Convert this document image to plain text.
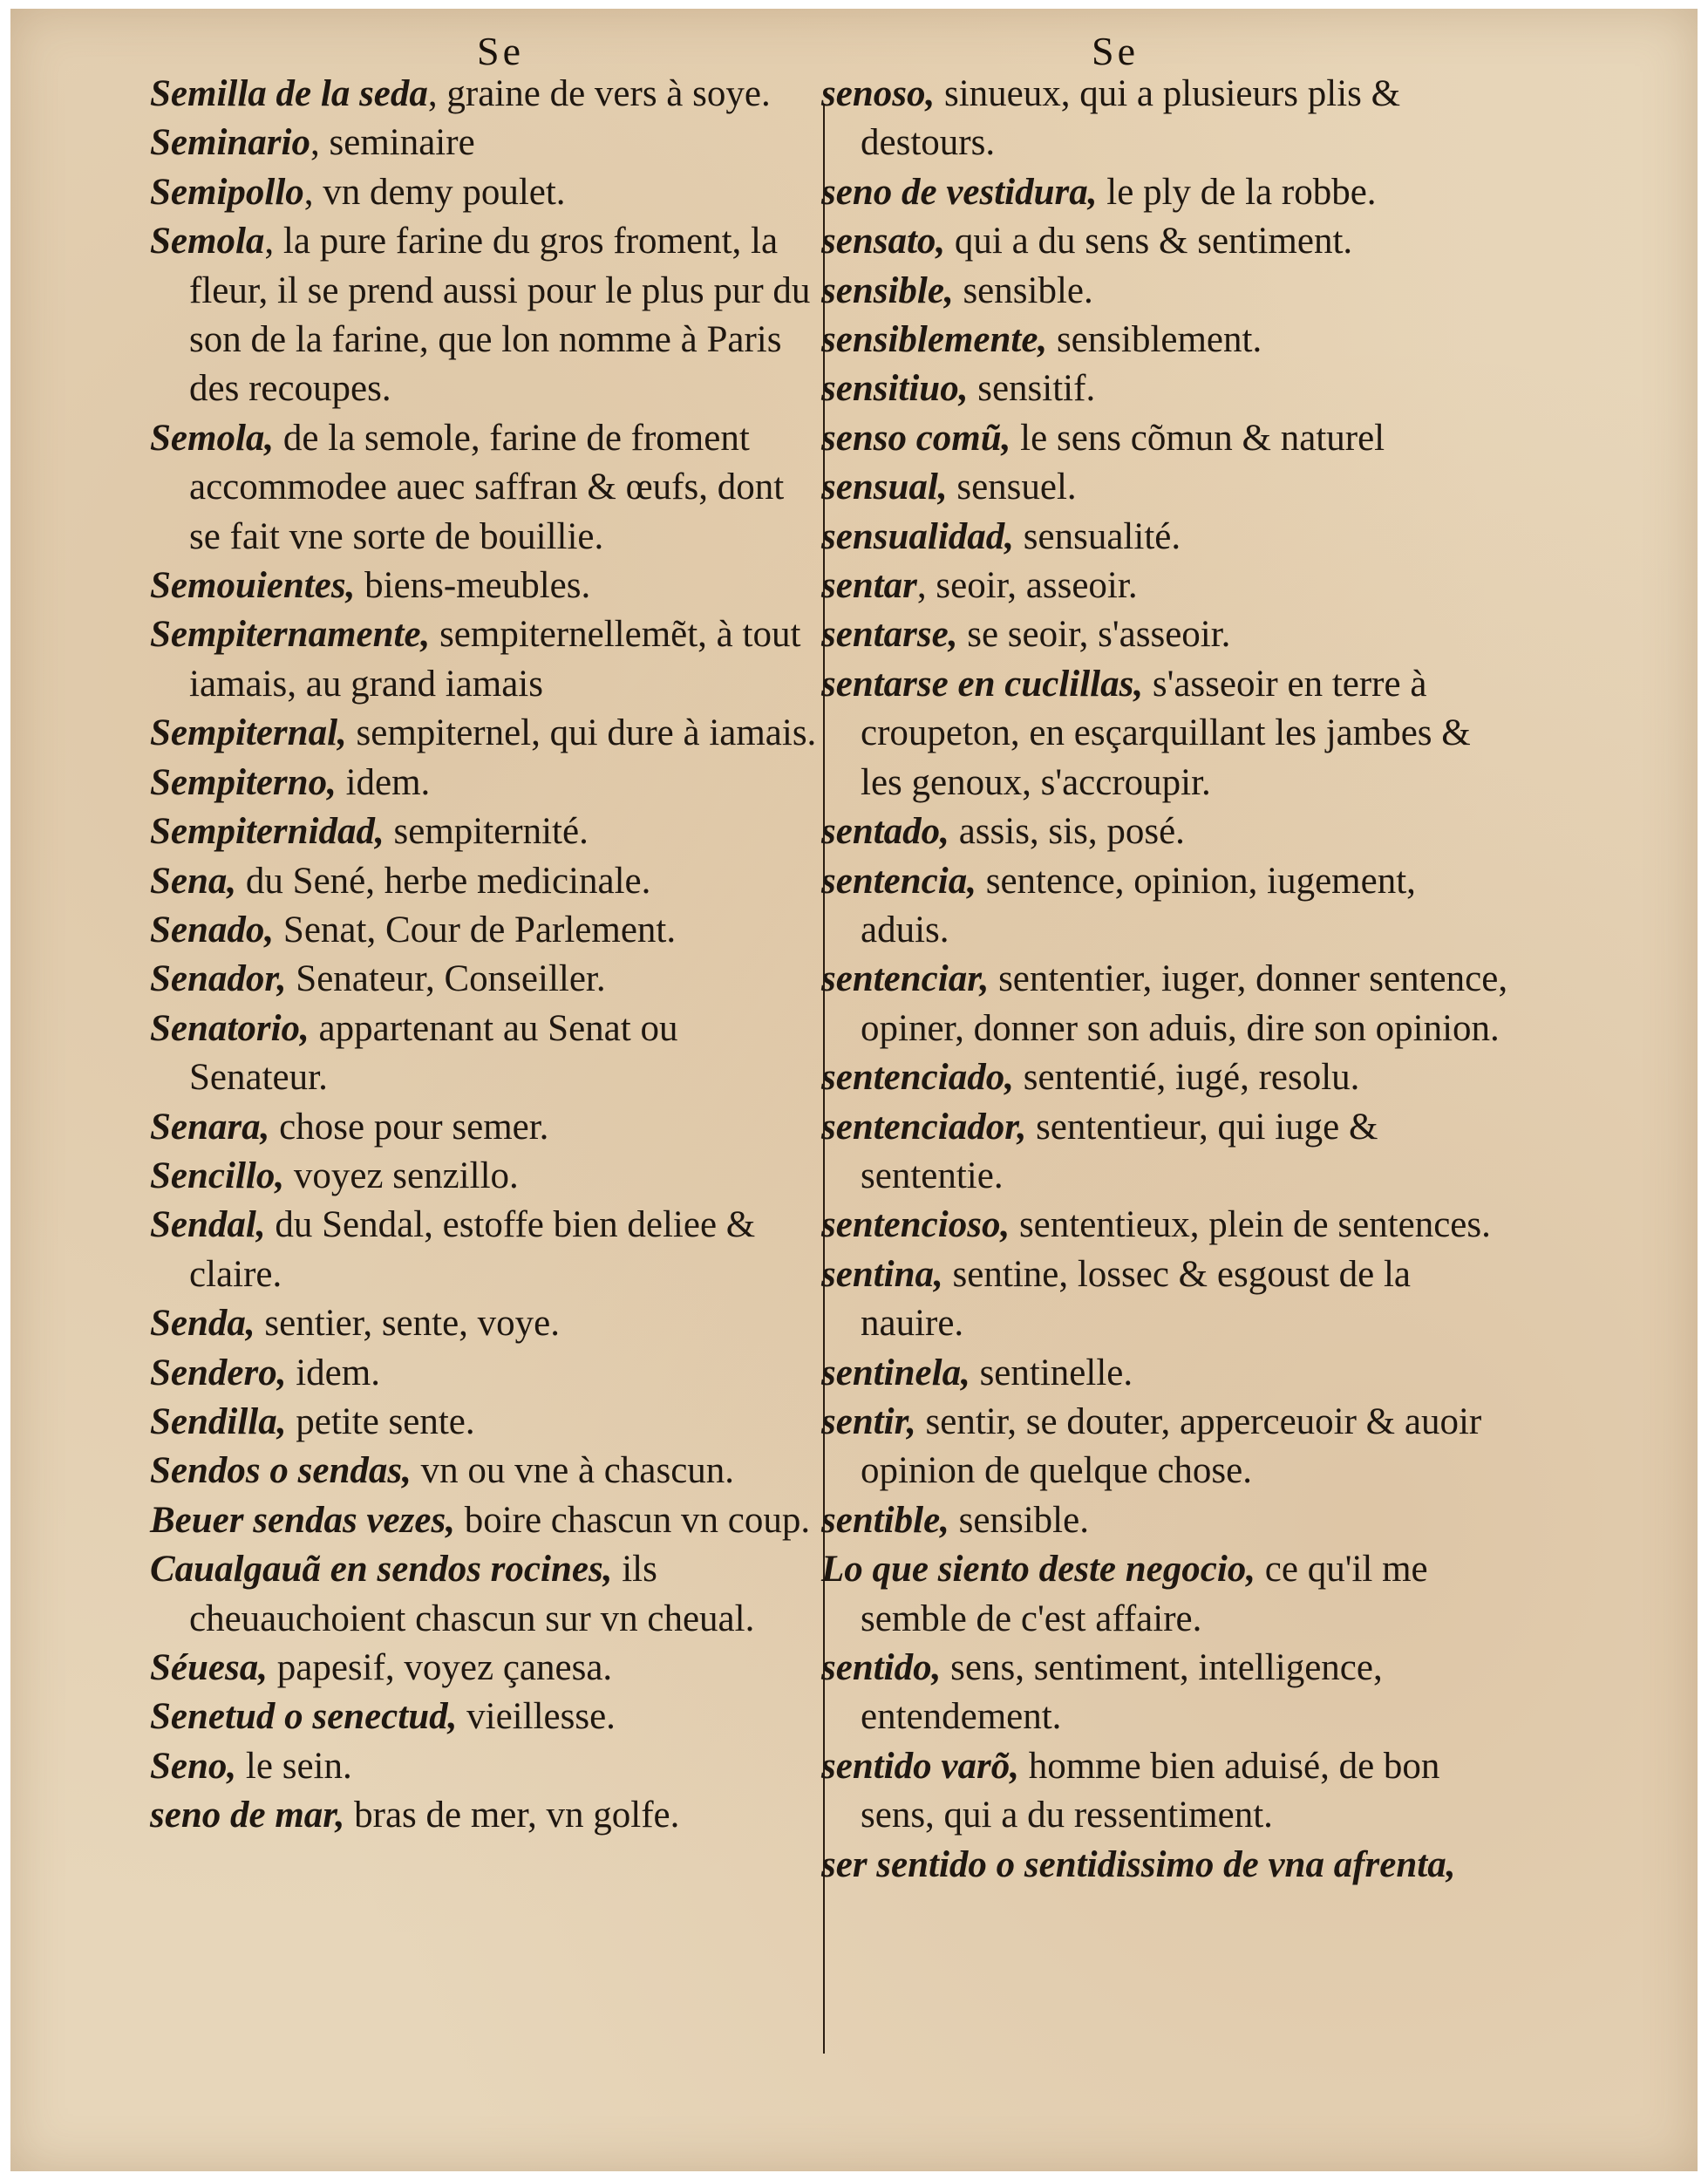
Se	Se

Semilla de la seda, graine de vers à soye.

Seminario, seminaire

Semipollo, vn demy poulet.

Semola, la pure farine du gros froment, la fleur, il se prend aussi pour le plus pur du son de la farine, que lon nomme à Paris des recoupes.

Semola, de la semole, farine de froment accommodee auec saffran & œufs, dont se fait vne sorte de bouillie.

Semouientes, biens-meubles.

Sempiternamente, sempiternellemẽt, à tout iamais, au grand iamais

Sempiternal, sempiternel, qui dure à iamais.

Sempiterno, idem.

Sempiternidad, sempiternité.

Sena, du Sené, herbe medicinale.

Senado, Senat, Cour de Parlement.

Senador, Senateur, Conseiller.

Senatorio, appartenant au Senat ou Senateur.

Senara, chose pour semer.

Sencillo, voyez senzillo.

Sendal, du Sendal, estoffe bien deliee & claire.

Senda, sentier, sente, voye.

Sendero, idem.

Sendilla, petite sente.

Sendos o sendas, vn ou vne à chascun.

Beuer sendas vezes, boire chascun vn coup.

Caualgauã en sendos rocines, ils cheuauchoient chascun sur vn cheual.

Séuesa, papesif, voyez çanesa.

Senetud o senectud, vieillesse.

Seno, le sein.

seno de mar, bras de mer, vn golfe.

senoso, sinueux, qui a plusieurs plis & destours.

seno de vestidura, le ply de la robbe.

sensato, qui a du sens & sentiment.

sensible, sensible.

sensiblemente, sensiblement.

sensitiuo, sensitif.

senso comũ, le sens cõmun & naturel

sensual, sensuel.

sensualidad, sensualité.

sentar, seoir, asseoir.

sentarse, se seoir, s'asseoir.

sentarse en cuclillas, s'asseoir en terre à croupeton, en esçarquillant les jambes & les genoux, s'accroupir.

sentado, assis, sis, posé.

sentencia, sentence, opinion, iugement, aduis.

sentenciar, sententier, iuger, donner sentence, opiner, donner son aduis, dire son opinion.

sentenciado, sententié, iugé, resolu.

sentenciador, sententieur, qui iuge & sententie.

sentencioso, sententieux, plein de sentences.

sentina, sentine, lossec & esgoust de la nauire.

sentinela, sentinelle.

sentir, sentir, se douter, apperceuoir & auoir opinion de quelque chose.

sentible, sensible.

Lo que siento deste negocio, ce qu'il me semble de c'est affaire.

sentido, sens, sentiment, intelligence, entendement.

sentido varõ, homme bien aduisé, de bon sens, qui a du ressentiment.

ser sentido o sentidissimo de vna afrenta,
